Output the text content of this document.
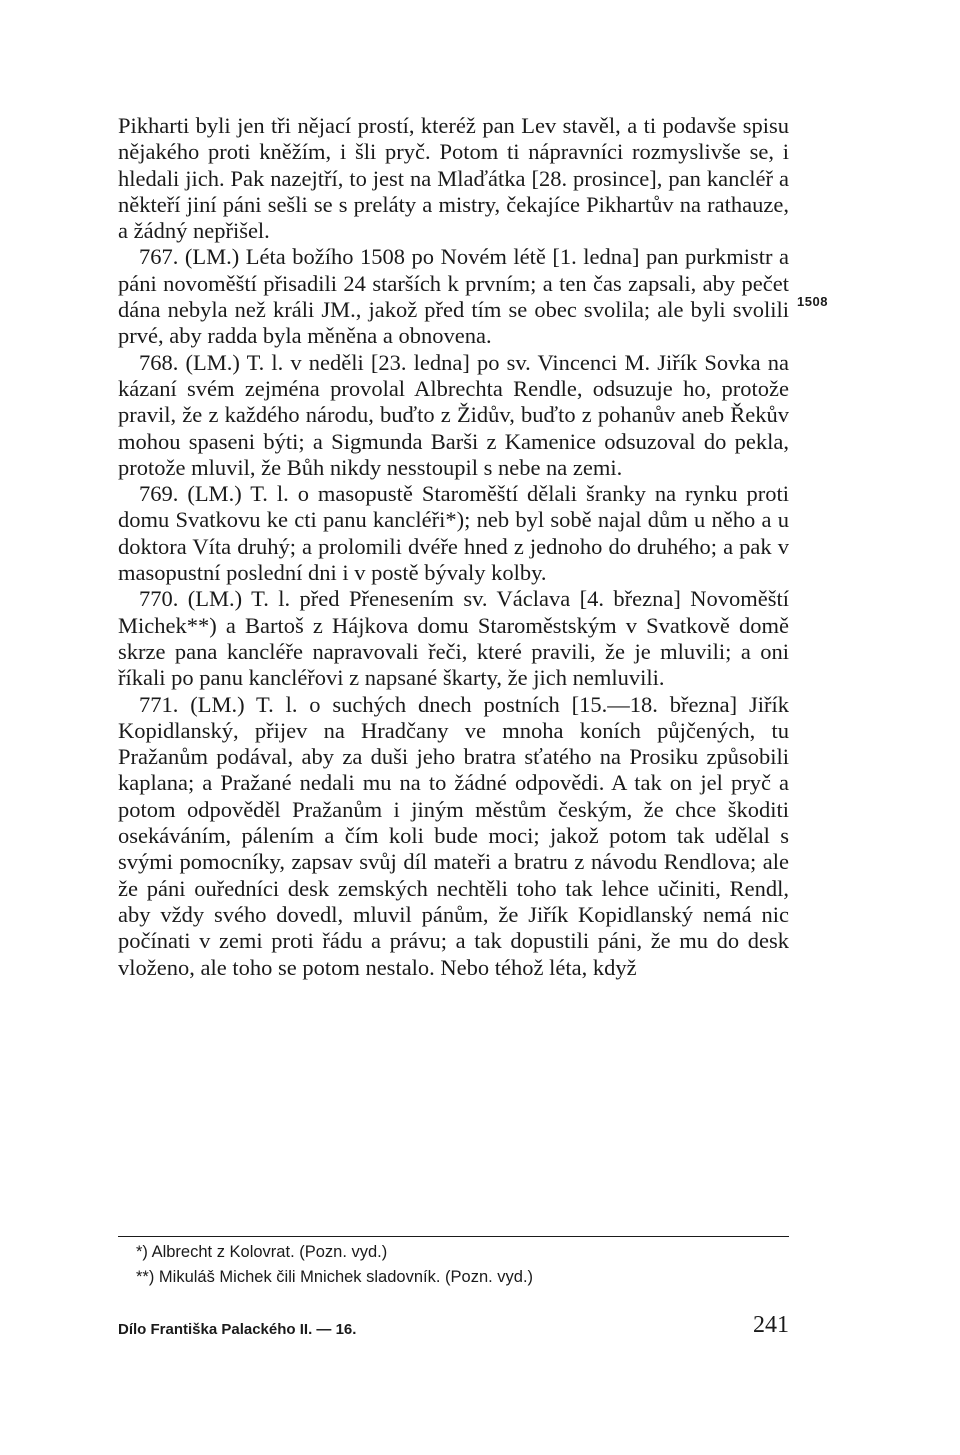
Pikharti byli jen tři nějací prostí, kteréž pan Lev stavěl, a ti podavše spisu nějakého proti kněžím, i šli pryč. Potom ti nápravníci rozmyslivše se, i hledali jich. Pak nazejtří, to jest na Mlaďátka [28. prosince], pan kancléř a někteří jiní páni sešli se s preláty a mistry, čekajíce Pikhartův na rathauze, a žádný nepřišel.

767. (LM.) Léta božího 1508 po Novém létě [1. ledna] pan purkmistr a páni novoměští přisadili 24 starších k prvním; a ten čas zapsali, aby pečet dána nebyla než králi JM., jakož před tím se obec svolila; ale byli svolili prvé, aby radda byla měněna a obnovena.

768. (LM.) T. l. v neděli [23. ledna] po sv. Vincenci M. Jiřík Sovka na kázaní svém zejména provolal Albrechta Rendle, odsuzuje ho, protože pravil, že z každého národu, buďto z Židův, buďto z pohanův aneb Řekův mohou spaseni býti; a Sigmunda Barši z Kamenice odsuzoval do pekla, protože mluvil, že Bůh nikdy nesstoupil s nebe na zemi.

769. (LM.) T. l. o masopustě Staroměští dělali šranky na rynku proti domu Svatkovu ke cti panu kancléři*); neb byl sobě najal dům u něho a u doktora Víta druhý; a prolomili dvéře hned z jednoho do druhého; a pak v masopustní poslední dni i v postě bývaly kolby.

770. (LM.) T. l. před Přenesením sv. Václava [4. března] Novoměští Michek**) a Bartoš z Hájkova domu Staroměstským v Svatkově domě skrze pana kancléře napravovali řeči, které pravili, že je mluvili; a oni říkali po panu kancléřovi z napsané škarty, že jich nemluvili.

771. (LM.) T. l. o suchých dnech postních [15.—18. března] Jiřík Kopidlanský, přijev na Hradčany ve mnoha koních půjčených, tu Pražanům podával, aby za duši jeho bratra sťatého na Prosiku způsobili kaplana; a Pražané nedali mu na to žádné odpovědi. A tak on jel pryč a potom odpověděl Pražanům i jiným městům českým, že chce škoditi osekáváním, pálením a čím koli bude moci; jakož potom tak udělal s svými pomocníky, zapsav svůj díl mateři a bratru z návodu Rendlova; ale že páni ouředníci desk zemských nechtěli toho tak lehce učiniti, Rendl, aby vždy svého dovedl, mluvil pánům, že Jiřík Kopidlanský nemá nic počínati v zemi proti řádu a právu; a tak dopustili páni, že mu do desk vloženo, ale toho se potom nestalo. Nebo téhož léta, když

1508
*) Albrecht z Kolovrat. (Pozn. vyd.)
**) Mikuláš Michek čili Mnichek sladovník. (Pozn. vyd.)
Dílo Františka Palackého II. — 16.	241
